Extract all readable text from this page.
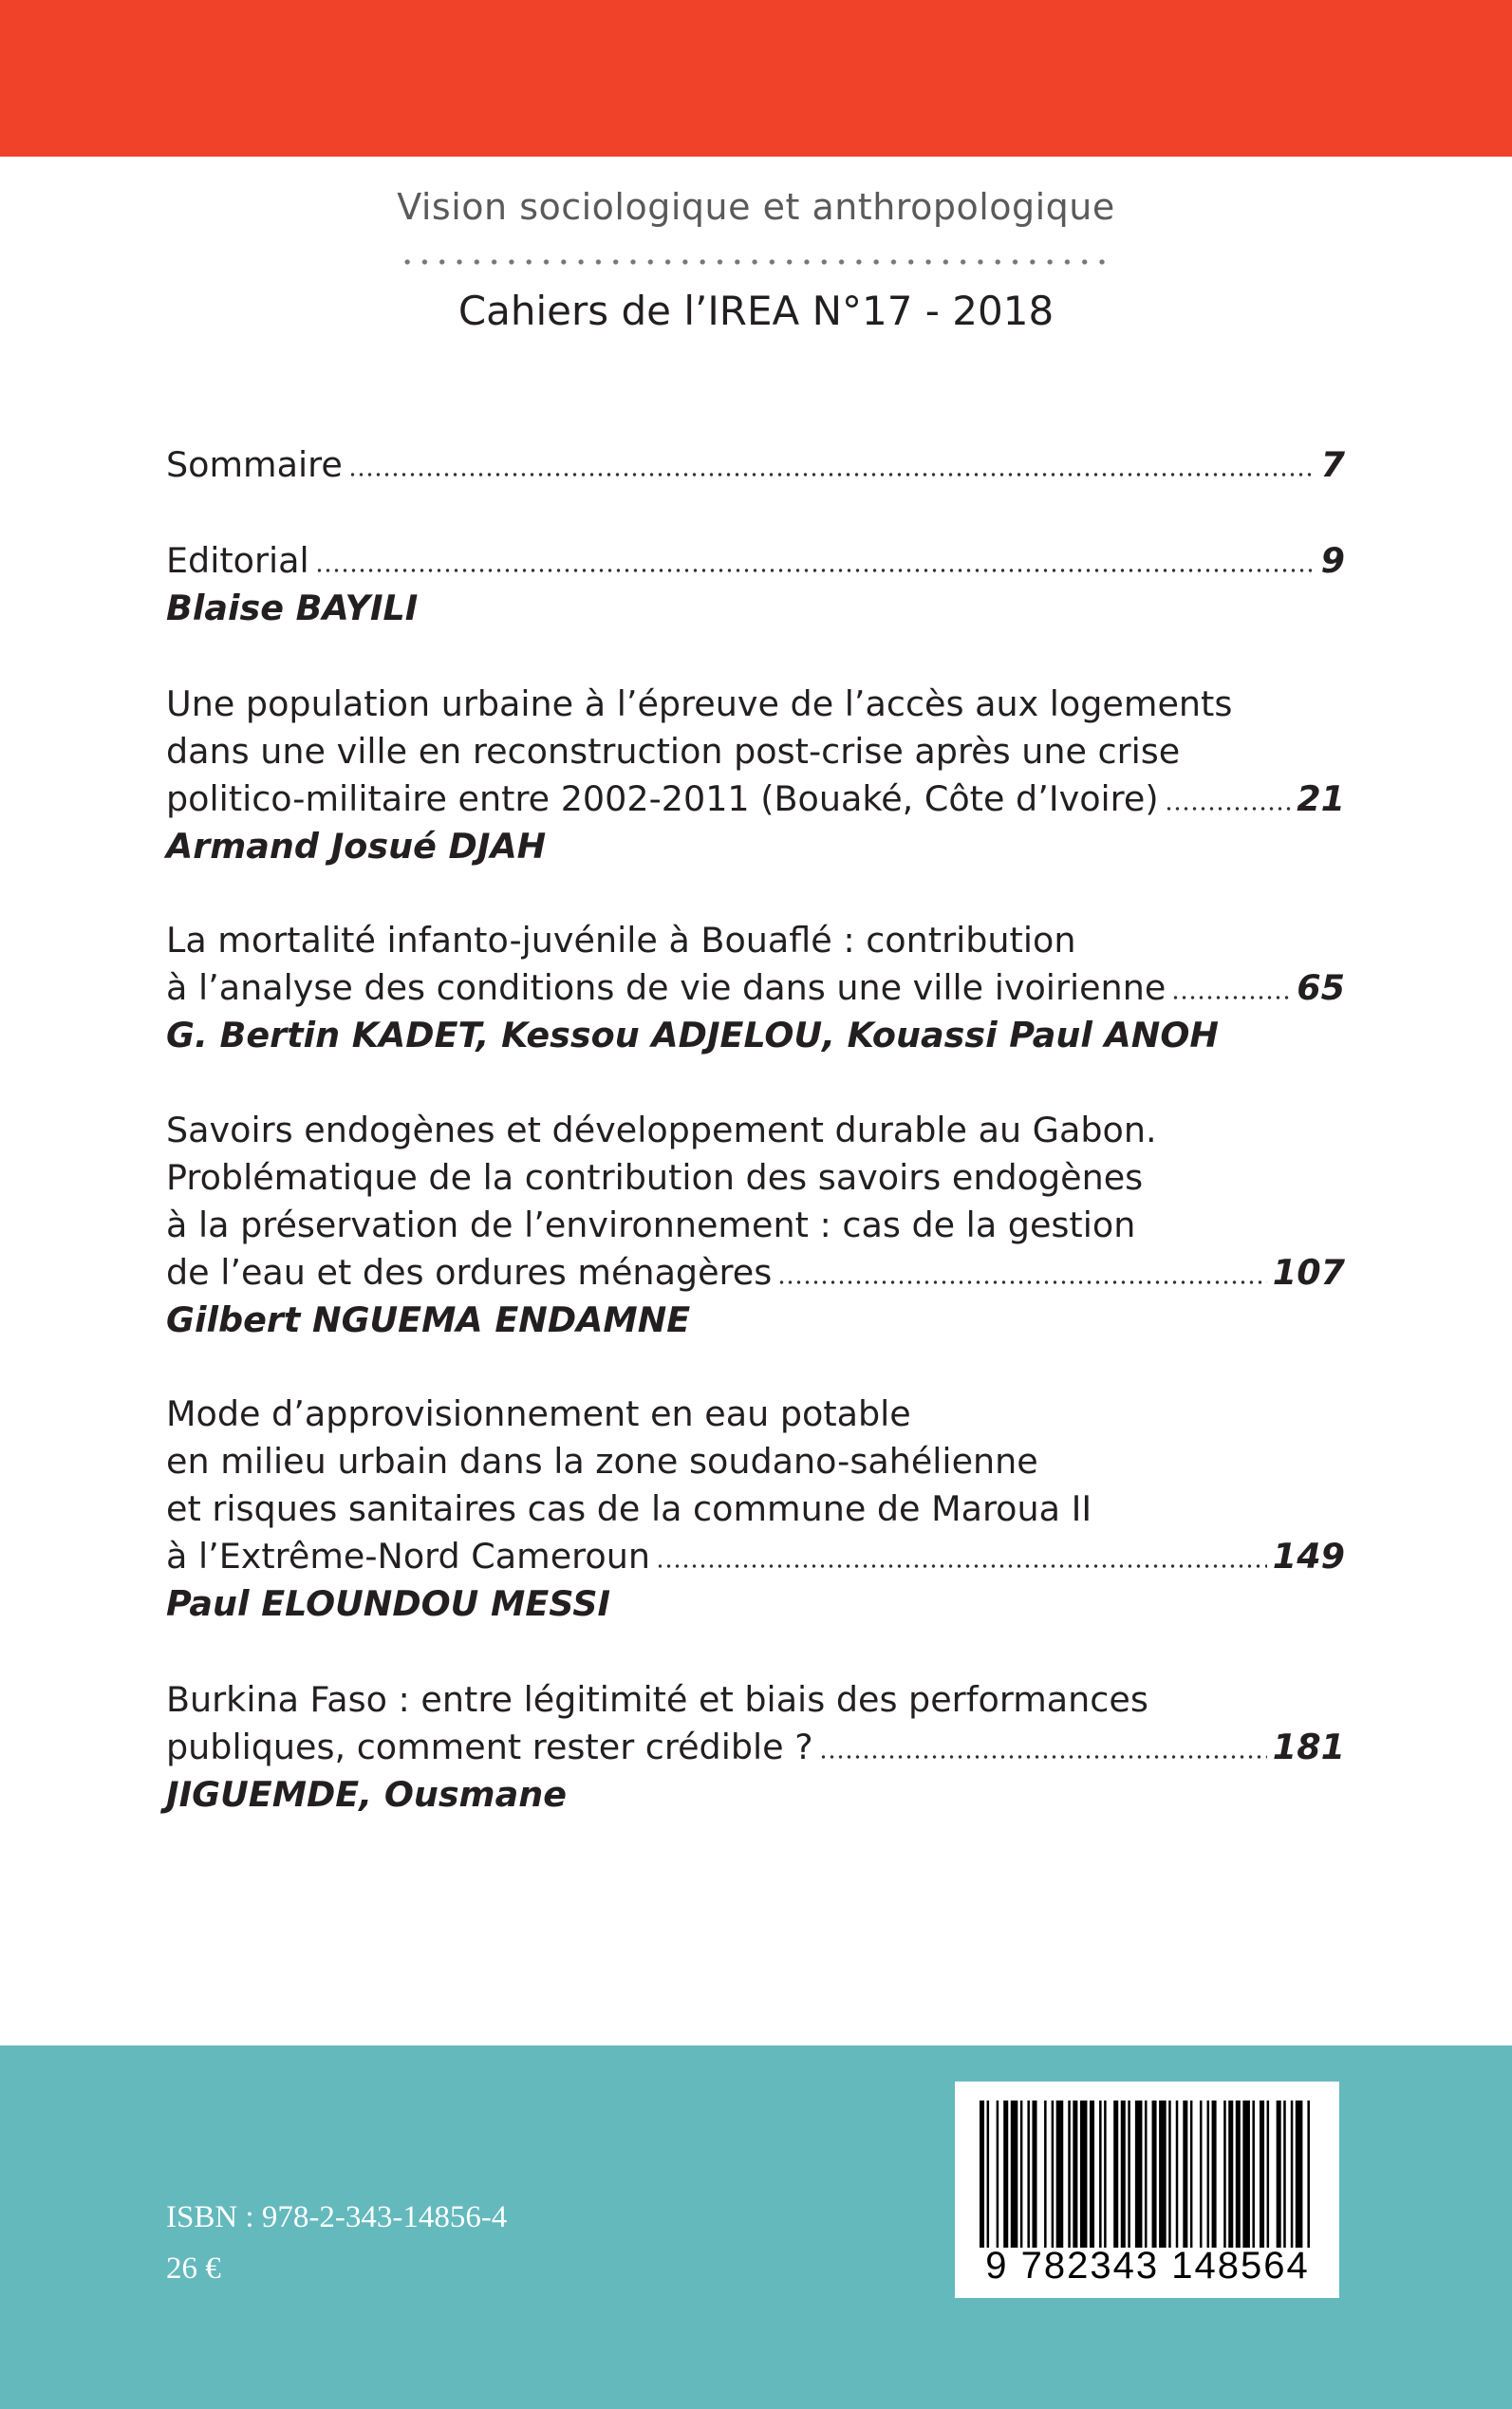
Vision sociologique et anthropologique
Cahiers de l’IREA N°17 - 2018
Sommaire	7
Editorial	9
Blaise BAYILI
Une population urbaine à l’épreuve de l’accès aux logements
dans une ville en reconstruction post-crise après une crise
politico-militaire entre 2002-2011 (Bouaké, Côte d’Ivoire)	21
Armand Josué DJAH
La mortalité infanto-juvénile à Bouaflé : contribution
à l’analyse des conditions de vie dans une ville ivoirienne	65
G. Bertin KADET, Kessou ADJELOU, Kouassi Paul ANOH
Savoirs endogènes et développement durable au Gabon.
Problématique de la contribution des savoirs endogènes
à la préservation de l’environnement : cas de la gestion
de l’eau et des ordures ménagères	107
Gilbert NGUEMA ENDAMNE
Mode d’approvisionnement en eau potable
en milieu urbain dans la zone soudano-sahélienne
et risques sanitaires cas de la commune de Maroua II
à l’Extrême-Nord Cameroun	149
Paul ELOUNDOU MESSI
Burkina Faso : entre légitimité et biais des performances
publiques, comment rester crédible ?	181
JIGUEMDE, Ousmane
ISBN : 978-2-343-14856-4
26 €	9 782343 148564
